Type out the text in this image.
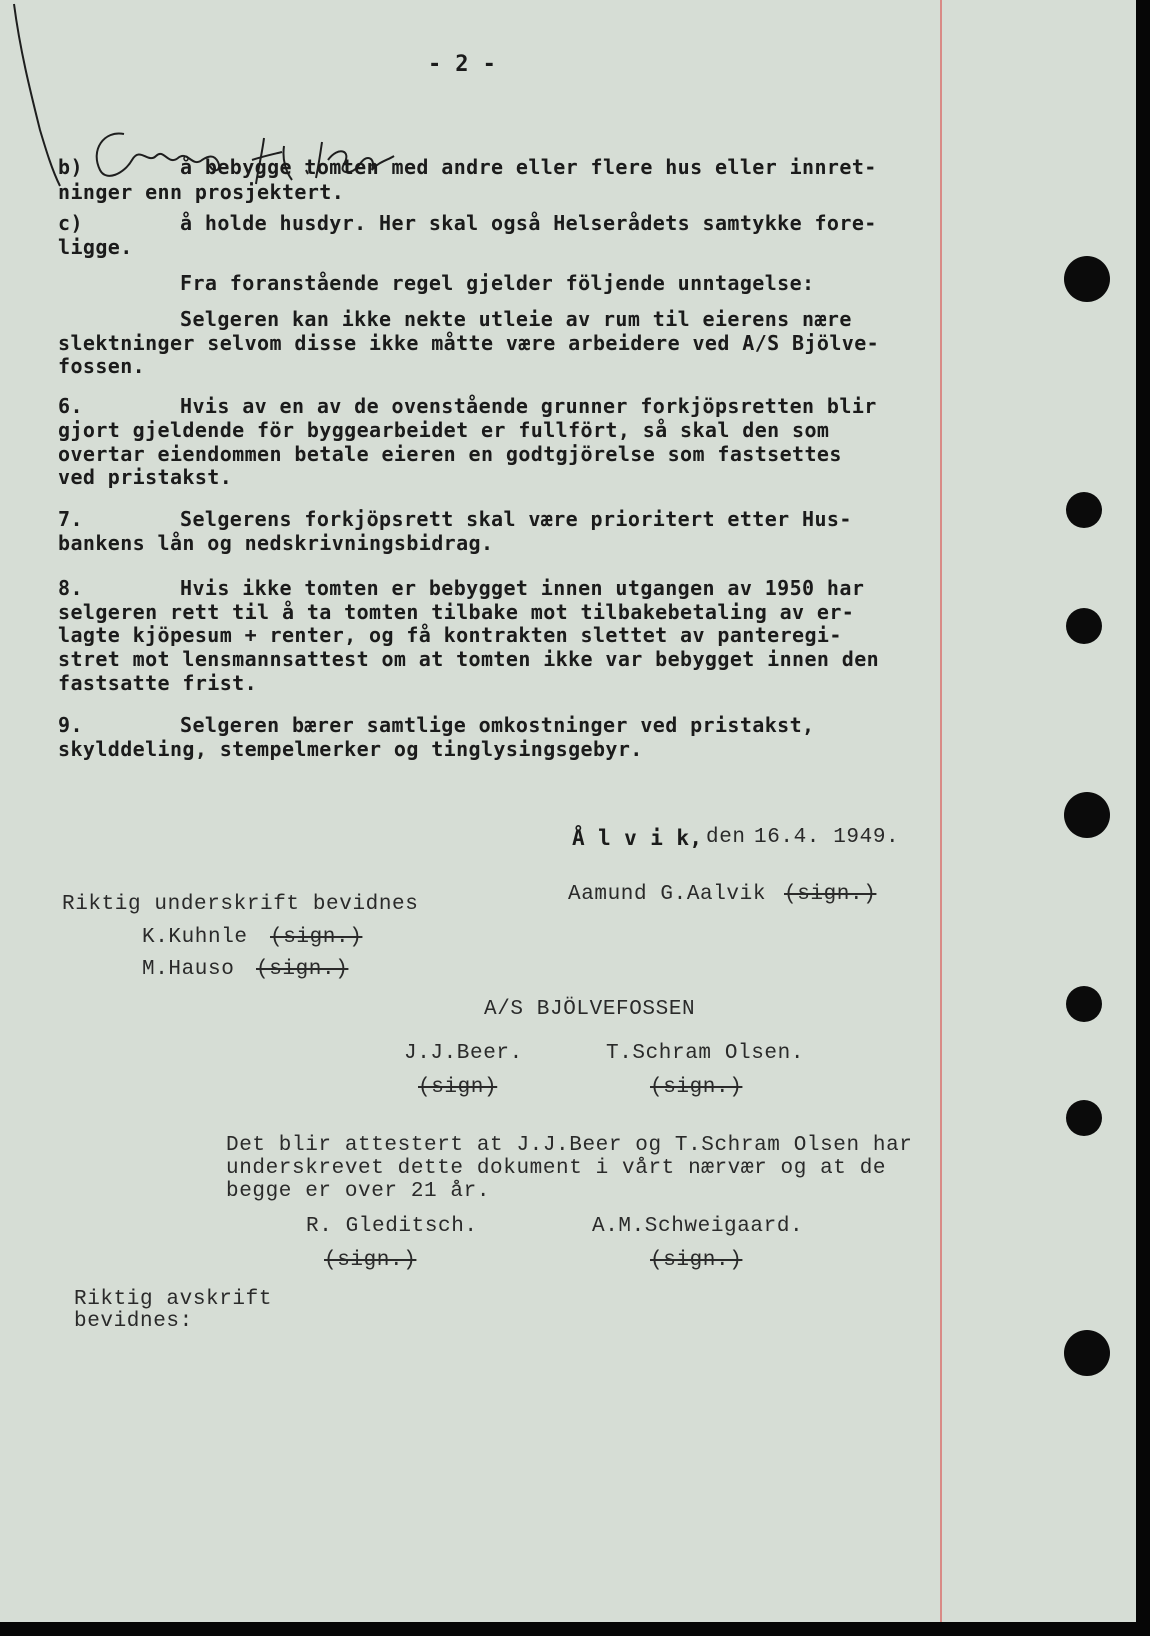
- 2 -
b)	å bebygge tomten med andre eller flere hus eller innret-
ninger enn prosjektert.
c)	å holde husdyr. Her skal også Helserådets samtykke fore-
ligge.
Fra foranstående regel gjelder följende unntagelse:
Selgeren kan ikke nekte utleie av rum til eierens nære
slektninger selvom disse ikke måtte være arbeidere ved A/S Bjölve-
fossen.
6.	Hvis av en av de ovenstående grunner forkjöpsretten blir
gjort gjeldende för byggearbeidet er fullfört, så skal den som
overtar eiendommen betale eieren en godtgjörelse som fastsettes
ved pristakst.
7.	Selgerens forkjöpsrett skal være prioritert etter Hus-
bankens lån og nedskrivningsbidrag.
8.	Hvis ikke tomten er bebygget innen utgangen av 1950 har
selgeren rett til å ta tomten tilbake mot tilbakebetaling av er-
lagte kjöpesum + renter, og få kontrakten slettet av panteregi-
stret mot lensmannsattest om at tomten ikke var bebygget innen den
fastsatte frist.
9.	Selgeren bærer samtlige omkostninger ved pristakst,
skylddeling, stempelmerker og tinglysingsgebyr.
Å l v i k, den 16.4. 1949.
Riktig underskrift bevidnes
K.Kuhnle (sign.)
M.Hauso (sign.)
Aamund G.Aalvik (sign.)
A/S BJÖLVEFOSSEN
J.J.Beer.	T.Schram Olsen.
(sign)	(sign.)
Det blir attestert at J.J.Beer og T.Schram Olsen har
underskrevet dette dokument i vårt nærvær og at de
begge er over 21 år.
R. Gleditsch.	A.M.Schweigaard.
(sign.)	(sign.)
Riktig avskrift
bevidnes:
